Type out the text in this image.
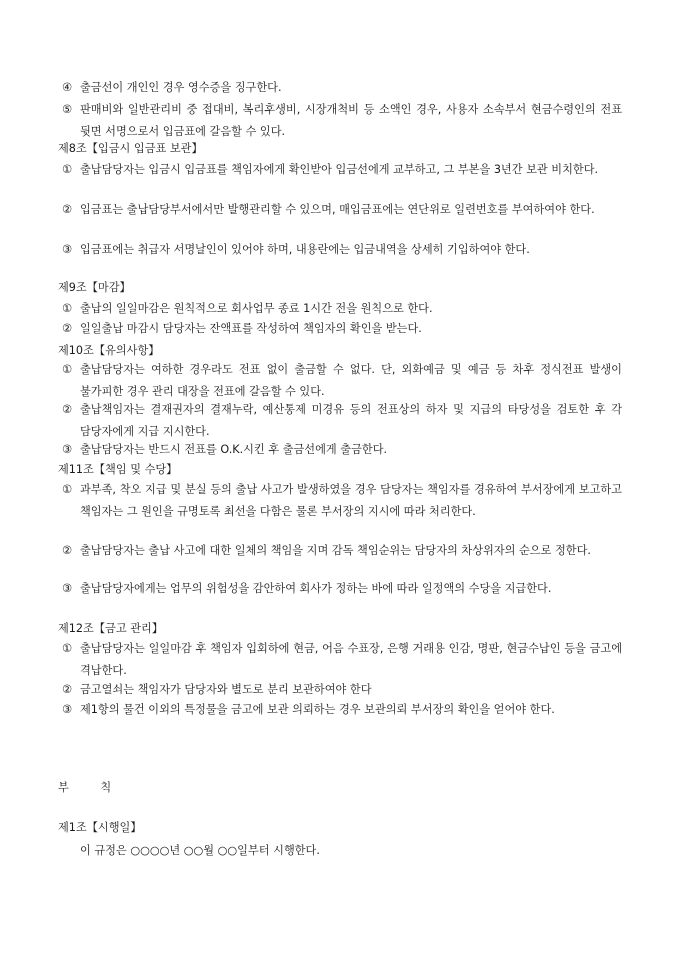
④ 출금선이 개인인 경우 영수증을 징구한다.
⑤ 판매비와 일반관리비 중 접대비, 복리후생비, 시장개척비 등 소액인 경우, 사용자 소속부서 현금수령인의 전표 뒷면 서명으로서 입금표에 갈음할 수 있다.
제8조【입금시 입금표 보관】
① 출납담당자는 입금시 입금표를 책임자에게 확인받아 입금선에게 교부하고, 그 부본을 3년간 보관 비치한다.
② 입금표는 출납담당부서에서만 발행관리할 수 있으며, 매입금표에는 연단위로 일련번호를 부여하여야 한다.
③ 입금표에는 취급자 서명날인이 있어야 하며, 내용란에는 입금내역을 상세히 기입하여야 한다.
제9조【마감】
① 출납의 일일마감은 원칙적으로 회사업무 종료 1시간 전을 원칙으로 한다.
② 일일출납 마감시 담당자는 잔액표를 작성하여 책임자의 확인을 받는다.
제10조【유의사항】
① 출납담당자는 여하한 경우라도 전표 없이 출금할 수 없다. 단, 외화예금 및 예금 등 차후 정식전표 발생이 불가피한 경우 관리 대장을 전표에 갈음할 수 있다.
② 출납책임자는 결재권자의 결재누락, 예산통제 미경유 등의 전표상의 하자 및 지급의 타당성을 검토한 후 각 담당자에게 지급 지시한다.
③ 출납담당자는 반드시 전표를 O.K.시킨 후 출금선에게 출금한다.
제11조【책임 및 수당】
① 과부족, 착오 지급 및 분실 등의 출납 사고가 발생하였을 경우 담당자는 책임자를 경유하여 부서장에게 보고하고 책임자는 그 원인을 규명토록 최선을 다함은 물론 부서장의 지시에 따라 처리한다.
② 출납담당자는 출납 사고에 대한 일체의 책임을 지며 감독 책임순위는 담당자의 차상위자의 순으로 정한다.
③ 출납담당자에게는 업무의 위험성을 감안하여 회사가 정하는 바에 따라 일정액의 수당을 지급한다.
제12조【금고 관리】
① 출납담당자는 일일마감 후 책임자 입회하에 현금, 어음 수표장, 은행 거래용 인감, 명판, 현금수납인 등을 금고에 격납한다.
② 금고열쇠는 책임자가 담당자와 별도로 분리 보관하여야 한다
③ 제1항의 물건 이외의 특정물을 금고에 보관 의뢰하는 경우 보관의뢰 부서장의 확인을 얻어야 한다.
부 칙
제1조【시행일】
이 규정은 ○○○○년 ○○월 ○○일부터 시행한다.
